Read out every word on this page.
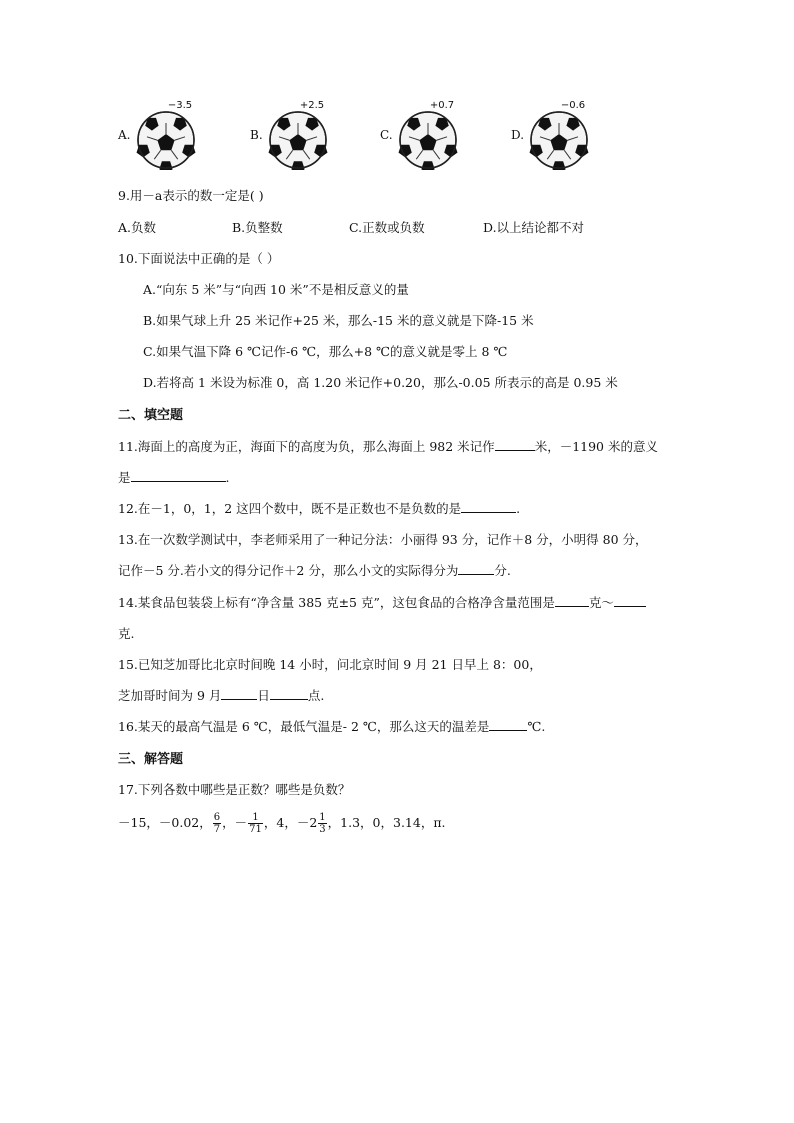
A.
−3.5
B.
+2.5
C.
+0.7
D.
−0.6
9.用－a表示的数一定是( )
A.负数	B.负整数	C.正数或负数	D.以上结论都不对
10.下面说法中正确的是（ ）
A.“向东 5 米”与“向西 10 米”不是相反意义的量
B.如果气球上升 25 米记作+25 米，那么-15 米的意义就是下降-15 米
C.如果气温下降 6 ℃记作-6 ℃，那么+8 ℃的意义就是零上 8 ℃
D.若将高 1 米设为标准 0，高 1.20 米记作+0.20，那么-0.05 所表示的高是 0.95 米
二、填空题
11.海面上的高度为正，海面下的高度为负，那么海面上 982 米记作	米，－1190 米的意义
是	.
12.在－1，0，1，2 这四个数中，既不是正数也不是负数的是	.
13.在一次数学测试中，李老师采用了一种记分法：小丽得 93 分，记作＋8 分，小明得 80 分，
记作－5 分.若小文的得分记作＋2 分，那么小文的实际得分为	分.
14.某食品包装袋上标有“净含量 385 克±5 克”，这包食品的合格净含量范围是	克～
克.
15.已知芝加哥比北京时间晚 14 小时，问北京时间 9 月 21 日早上 8：00，
芝加哥时间为 9 月	日	点.
16.某天的最高气温是 6 ℃，最低气温是- 2 ℃，那么这天的温差是	℃.
三、解答题
17.下列各数中哪些是正数？哪些是负数？
－15，－0.02， $\frac{6}{7}$ ，－ $\frac{1}{71}$ ，4，$-2 \frac{1}{3}$ ，1.3，0，3.14，π.
